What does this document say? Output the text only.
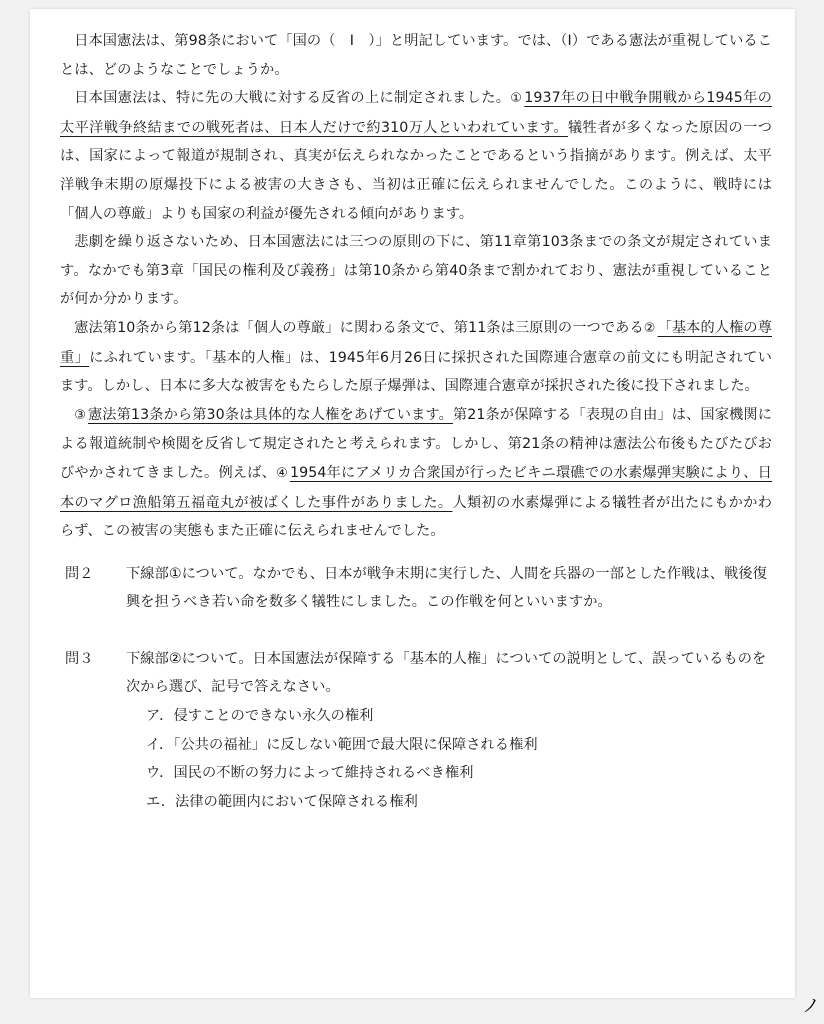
日本国憲法は、第98条において「国の（　Ⅰ　）」と明記しています。では、（Ⅰ）である憲法が重視していることは、どのようなことでしょうか。

日本国憲法は、特に先の大戦に対する反省の上に制定されました。① 1937年の日中戦争開戦から1945年の太平洋戦争終結までの戦死者は、日本人だけで約310万人といわれています。犠牲者が多くなった原因の一つは、国家によって報道が規制され、真実が伝えられなかったことであるという指摘があります。例えば、太平洋戦争末期の原爆投下による被害の大きさも、当初は正確に伝えられませんでした。このように、戦時には「個人の尊厳」よりも国家の利益が優先される傾向があります。

悲劇を繰り返さないため、日本国憲法には三つの原則の下に、第11章第103条までの条文が規定されています。なかでも第3章「国民の権利及び義務」は第10条から第40条まで割かれており、憲法が重視していることが何か分かります。

憲法第10条から第12条は「個人の尊厳」に関わる条文で、第11条は三原則の一つである② 「基本的人権の尊重」にふれています。「基本的人権」は、1945年6月26日に採択された国際連合憲章の前文にも明記されています。しかし、日本に多大な被害をもたらした原子爆弾は、国際連合憲章が採択された後に投下されました。

③ 憲法第13条から第30条は具体的な人権をあげています。第21条が保障する「表現の自由」は、国家機関による報道統制や検閲を反省して規定されたと考えられます。しかし、第21条の精神は憲法公布後もたびたびおびやかされてきました。例えば、④ 1954年にアメリカ合衆国が行ったビキニ環礁での水素爆弾実験により、日本のマグロ漁船第五福竜丸が被ばくした事件がありました。人類初の水素爆弾による犠牲者が出たにもかかわらず、この被害の実態もまた正確に伝えられませんでした。

問２	下線部①について。なかでも、日本が戦争末期に実行した、人間を兵器の一部とした作戦は、戦後復興を担うべき若い命を数多く犠牲にしました。この作戦を何といいますか。

問３	下線部②について。日本国憲法が保障する「基本的人権」についての説明として、誤っているものを次から選び、記号で答えなさい。

ア．侵すことのできない永久の権利
イ．「公共の福祉」に反しない範囲で最大限に保障される権利
ウ．国民の不断の努力によって維持されるべき権利
エ．法律の範囲内において保障される権利
ノ
